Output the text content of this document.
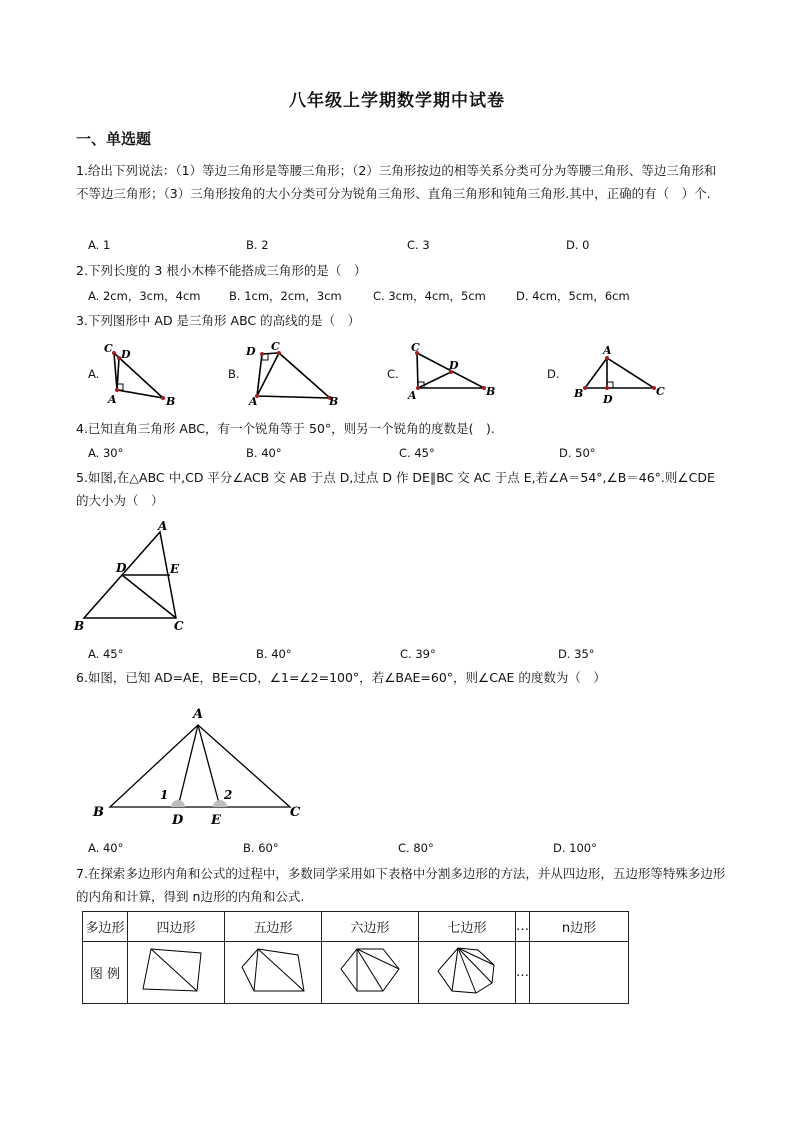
八年级上学期数学期中试卷
一、单选题
1.给出下列说法：（1）等边三角形是等腰三角形；（2）三角形按边的相等关系分类可分为等腰三角形、等边三角形和不等边三角形；（3）三角形按角的大小分类可分为锐角三角形、直角三角形和钝角三角形.其中，正确的有（　）个.
A. 1	B. 2	C. 3	D. 0
2.下列长度的 3 根小木棒不能搭成三角形的是（　）
A. 2cm，3cm，4cm B. 1cm，2cm，3cm	C. 3cm，4cm，5cm	D. 4cm，5cm，6cm
3.下列图形中 AD 是三角形 ABC 的高线的是（　）
A.	B.	C.	D.
C D
A	B
D C
A	B
C
D
A	B
A
B	C
D
4.已知直角三角形 ABC，有一个锐角等于 50°，则另一个锐角的度数是(　).
A. 30°	B. 40°	C. 45°	D. 50°
5.如图,在△ABC 中,CD 平分∠ACB 交 AB 于点 D,过点 D 作 DE∥BC 交 AC 于点 E,若∠A＝54°,∠B＝46°.则∠CDE 的大小为（　）
A
D	E
B	C
A. 45°	B. 40°	C. 39°	D. 35°
6.如图，已知 AD=AE，BE=CD，∠1=∠2=100°，若∠BAE=60°，则∠CAE 的度数为（　）
A
B	C
D E
1	2
A. 40°	B. 60°	C. 80°	D. 100°
7.在探索多边形内角和公式的过程中，多数同学采用如下表格中分割多边形的方法，并从四边形，五边形等特殊多边形的内角和计算，得到 n边形的内角和公式.
多边形	四边形	五边形	六边形	七边形	…	n边形
图 例					…	
